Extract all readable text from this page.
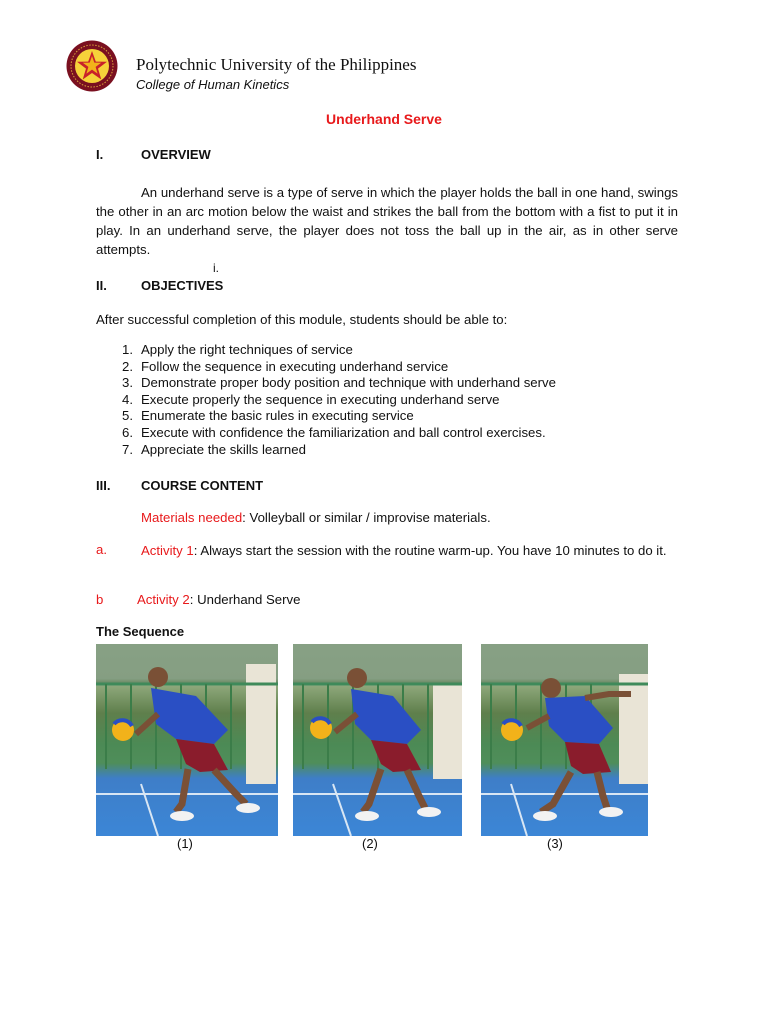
Polytechnic University of the Philippines
College of Human Kinetics
Underhand Serve
I.	OVERVIEW
An underhand serve is a type of serve in which the player holds the ball in one hand, swings the other in an arc motion below the waist and strikes the ball from the bottom with a fist to put it in play. In an underhand serve, the player does not toss the ball up in the air, as in other serve attempts.
i.
II.	OBJECTIVES
After successful completion of this module, students should be able to:
1. Apply the right techniques of service
2. Follow the sequence in executing underhand service
3. Demonstrate proper body position and technique with underhand serve
4. Execute properly the sequence in executing underhand serve
5. Enumerate the basic rules in executing service
6. Execute with confidence the familiarization and ball control exercises.
7. Appreciate the skills learned
III. COURSE CONTENT
Materials needed: Volleyball or similar / improvise materials.
a.	Activity 1: Always start the session with the routine warm-up. You have 10 minutes to do it.
b	Activity 2: Underhand Serve
The Sequence
(1)	(2)	(3)
